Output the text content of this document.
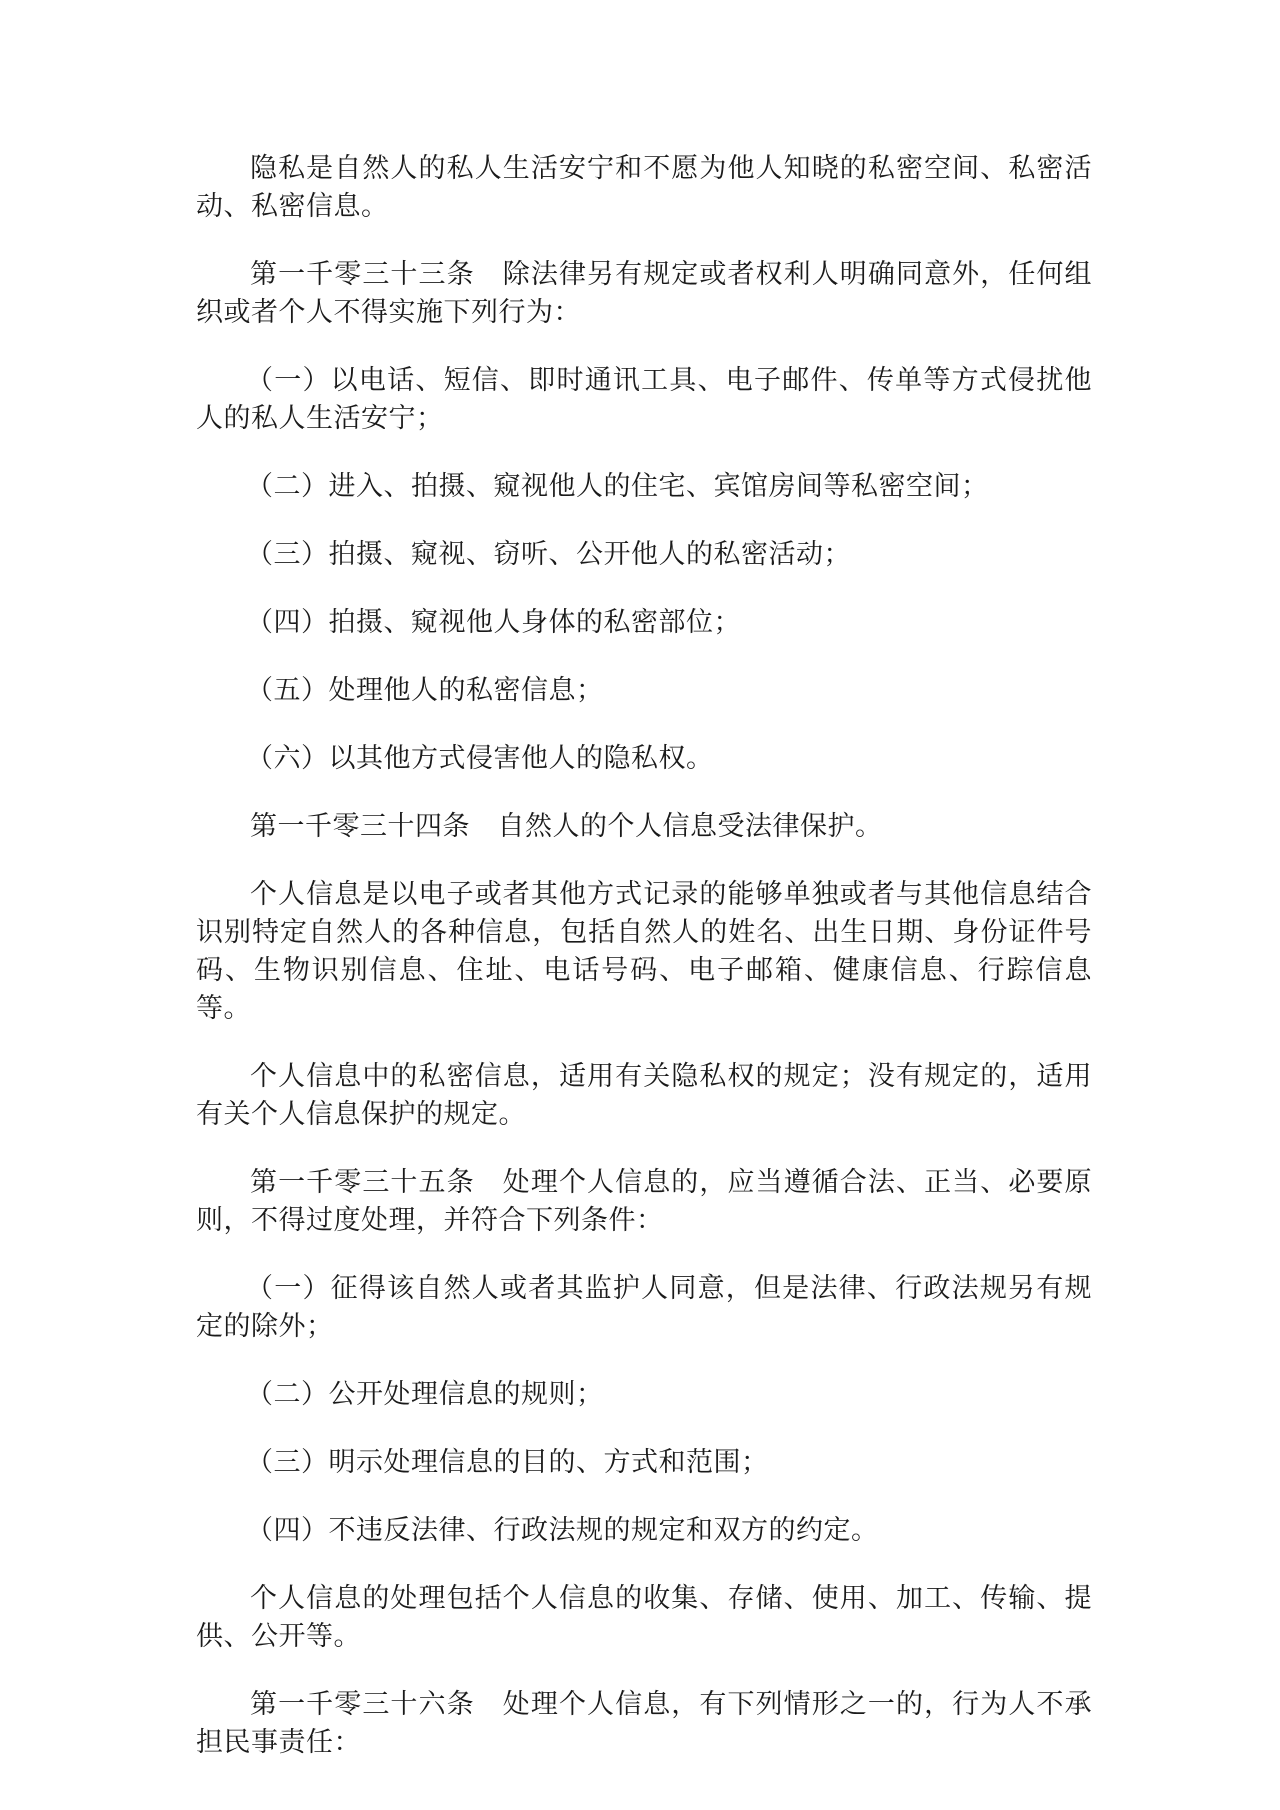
隐私是自然人的私人生活安宁和不愿为他人知晓的私密空间、私密活动、私密信息。

第一千零三十三条　除法律另有规定或者权利人明确同意外，任何组织或者个人不得实施下列行为：

（一）以电话、短信、即时通讯工具、电子邮件、传单等方式侵扰他人的私人生活安宁；

（二）进入、拍摄、窥视他人的住宅、宾馆房间等私密空间；

（三）拍摄、窥视、窃听、公开他人的私密活动；

（四）拍摄、窥视他人身体的私密部位；

（五）处理他人的私密信息；

（六）以其他方式侵害他人的隐私权。

第一千零三十四条　自然人的个人信息受法律保护。

个人信息是以电子或者其他方式记录的能够单独或者与其他信息结合识别特定自然人的各种信息，包括自然人的姓名、出生日期、身份证件号码、生物识别信息、住址、电话号码、电子邮箱、健康信息、行踪信息等。

个人信息中的私密信息，适用有关隐私权的规定；没有规定的，适用有关个人信息保护的规定。

第一千零三十五条　处理个人信息的，应当遵循合法、正当、必要原则，不得过度处理，并符合下列条件：

（一）征得该自然人或者其监护人同意，但是法律、行政法规另有规定的除外；

（二）公开处理信息的规则；

（三）明示处理信息的目的、方式和范围；

（四）不违反法律、行政法规的规定和双方的约定。

个人信息的处理包括个人信息的收集、存储、使用、加工、传输、提供、公开等。

第一千零三十六条　处理个人信息，有下列情形之一的，行为人不承担民事责任：
